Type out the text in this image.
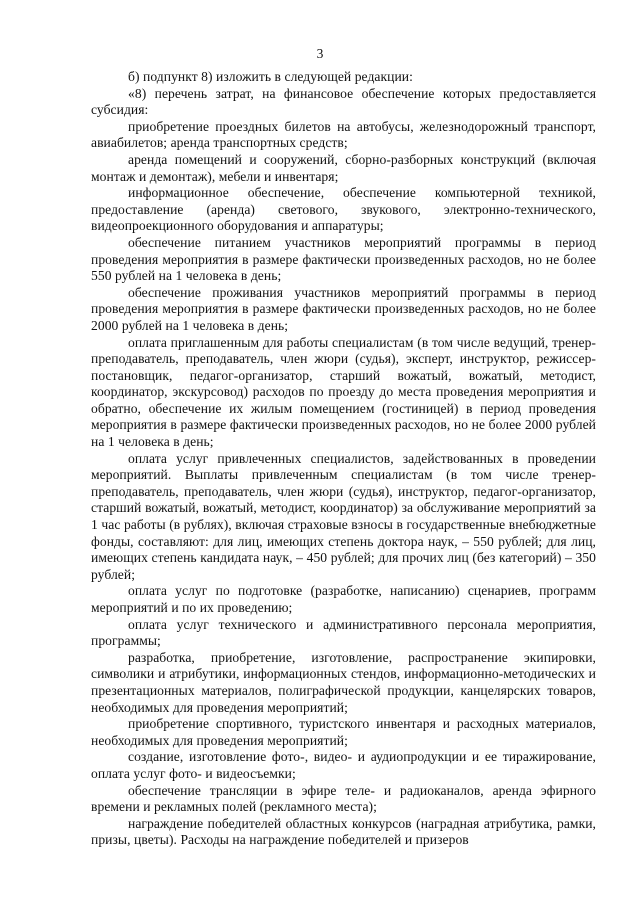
3

б) подпункт 8) изложить в следующей редакции:

«8) перечень затрат, на финансовое обеспечение которых предоставляется субсидия:

приобретение проездных билетов на автобусы, железнодорожный транспорт, авиабилетов; аренда транспортных средств;

аренда помещений и сооружений, сборно-разборных конструкций (включая монтаж и демонтаж), мебели и инвентаря;

информационное обеспечение, обеспечение компьютерной техникой, предоставление (аренда) светового, звукового, электронно-технического, видеопроекционного оборудования и аппаратуры;

обеспечение питанием участников мероприятий программы в период проведения мероприятия в размере фактически произведенных расходов, но не более 550 рублей на 1 человека в день;

обеспечение проживания участников мероприятий программы в период проведения мероприятия в размере фактически произведенных расходов, но не более 2000 рублей на 1 человека в день;

оплата приглашенным для работы специалистам (в том числе ведущий, тренер-преподаватель, преподаватель, член жюри (судья), эксперт, инструктор, режиссер-постановщик, педагог-организатор, старший вожатый, вожатый, методист, координатор, экскурсовод) расходов по проезду до места проведения мероприятия и обратно, обеспечение их жилым помещением (гостиницей) в период проведения мероприятия в размере фактически произведенных расходов, но не более 2000 рублей на 1 человека в день;

оплата услуг привлеченных специалистов, задействованных в проведении мероприятий. Выплаты привлеченным специалистам (в том числе тренер-преподаватель, преподаватель, член жюри (судья), инструктор, педагог-организатор, старший вожатый, вожатый, методист, координатор) за обслуживание мероприятий за 1 час работы (в рублях), включая страховые взносы в государственные внебюджетные фонды, составляют: для лиц, имеющих степень доктора наук, – 550 рублей; для лиц, имеющих степень кандидата наук, – 450 рублей; для прочих лиц (без категорий) – 350 рублей;

оплата услуг по подготовке (разработке, написанию) сценариев, программ мероприятий и по их проведению;

оплата услуг технического и административного персонала мероприятия, программы;

разработка, приобретение, изготовление, распространение экипировки, символики и атрибутики, информационных стендов, информационно-методических и презентационных материалов, полиграфической продукции, канцелярских товаров, необходимых для проведения мероприятий;

приобретение спортивного, туристского инвентаря и расходных материалов, необходимых для проведения мероприятий;

создание, изготовление фото-, видео- и аудиопродукции и ее тиражирование, оплата услуг фото- и видеосъемки;

обеспечение трансляции в эфире теле- и радиоканалов, аренда эфирного времени и рекламных полей (рекламного места);

награждение победителей областных конкурсов (наградная атрибутика, рамки, призы, цветы). Расходы на награждение победителей и призеров
